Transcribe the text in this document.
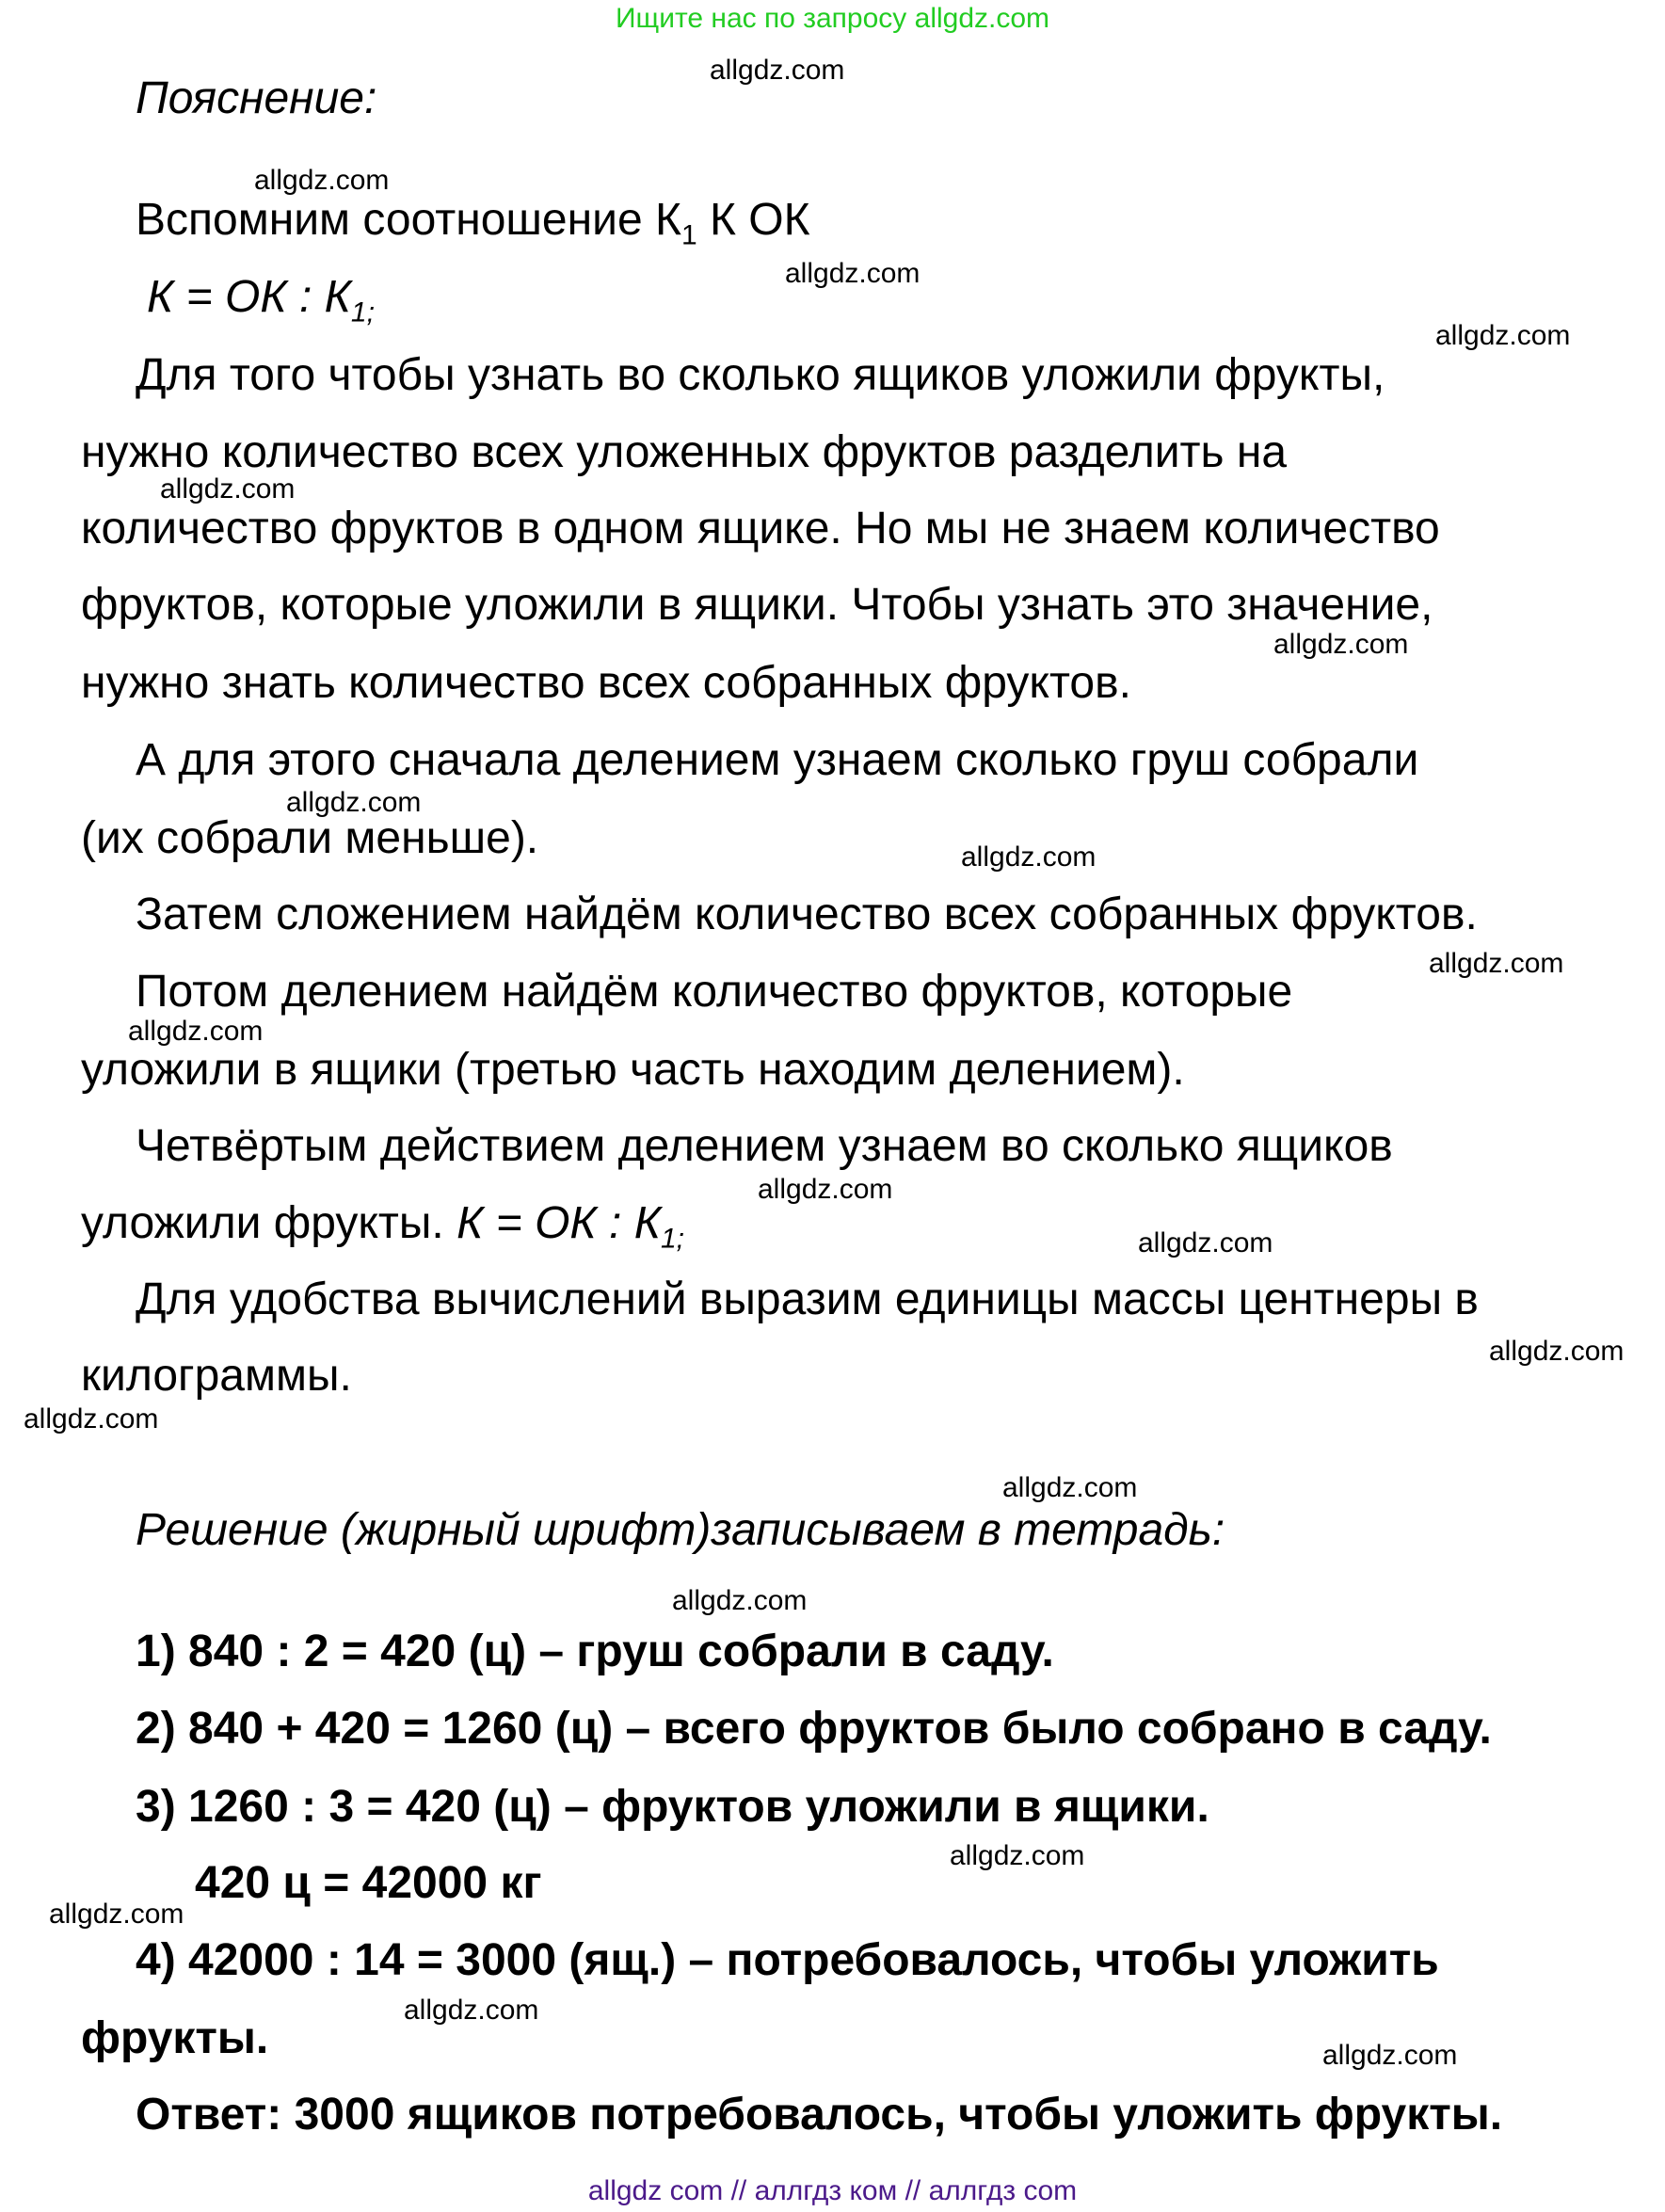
Ищите нас по запросу allgdz.com
allgdz.com
allgdz.com
allgdz.com
allgdz.com
allgdz.com
allgdz.com
allgdz.com
allgdz.com
allgdz.com
allgdz.com
allgdz.com
allgdz.com
allgdz.com
allgdz.com
allgdz.com
allgdz.com
allgdz.com
allgdz.com
allgdz.com
allgdz.com
Пояснение:
Вспомним соотношение $К_1$ К ОК
К = ОК : $К_{1;}$
Для того чтобы узнать во сколько ящиков уложили фрукты,
нужно количество всех уложенных фруктов разделить на
количество фруктов в одном ящике. Но мы не знаем количество
фруктов, которые уложили в ящики. Чтобы узнать это значение,
нужно знать количество всех собранных фруктов.
А для этого сначала делением узнаем сколько груш собрали
(их собрали меньше).
Затем сложением найдём количество всех собранных фруктов.
Потом делением найдём количество фруктов, которые
уложили в ящики (третью часть находим делением).
Четвёртым действием делением узнаем во сколько ящиков
уложили фрукты. К = ОК : $К_{1;}$
Для удобства вычислений выразим единицы массы центнеры в
килограммы.
Решение (жирный шрифт)записываем в тетрадь:
1) 840 : 2 = 420 (ц) – груш собрали в саду.
2) 840 + 420 = 1260 (ц) – всего фруктов было собрано в саду.
3) 1260 : 3 = 420 (ц) – фруктов уложили в ящики.
420 ц = 42000 кг
4) 42000 : 14 = 3000 (ящ.) – потребовалось, чтобы уложить
фрукты.
Ответ: 3000 ящиков потребовалось, чтобы уложить фрукты.
allgdz com // аллгдз ком // аллгдз com
